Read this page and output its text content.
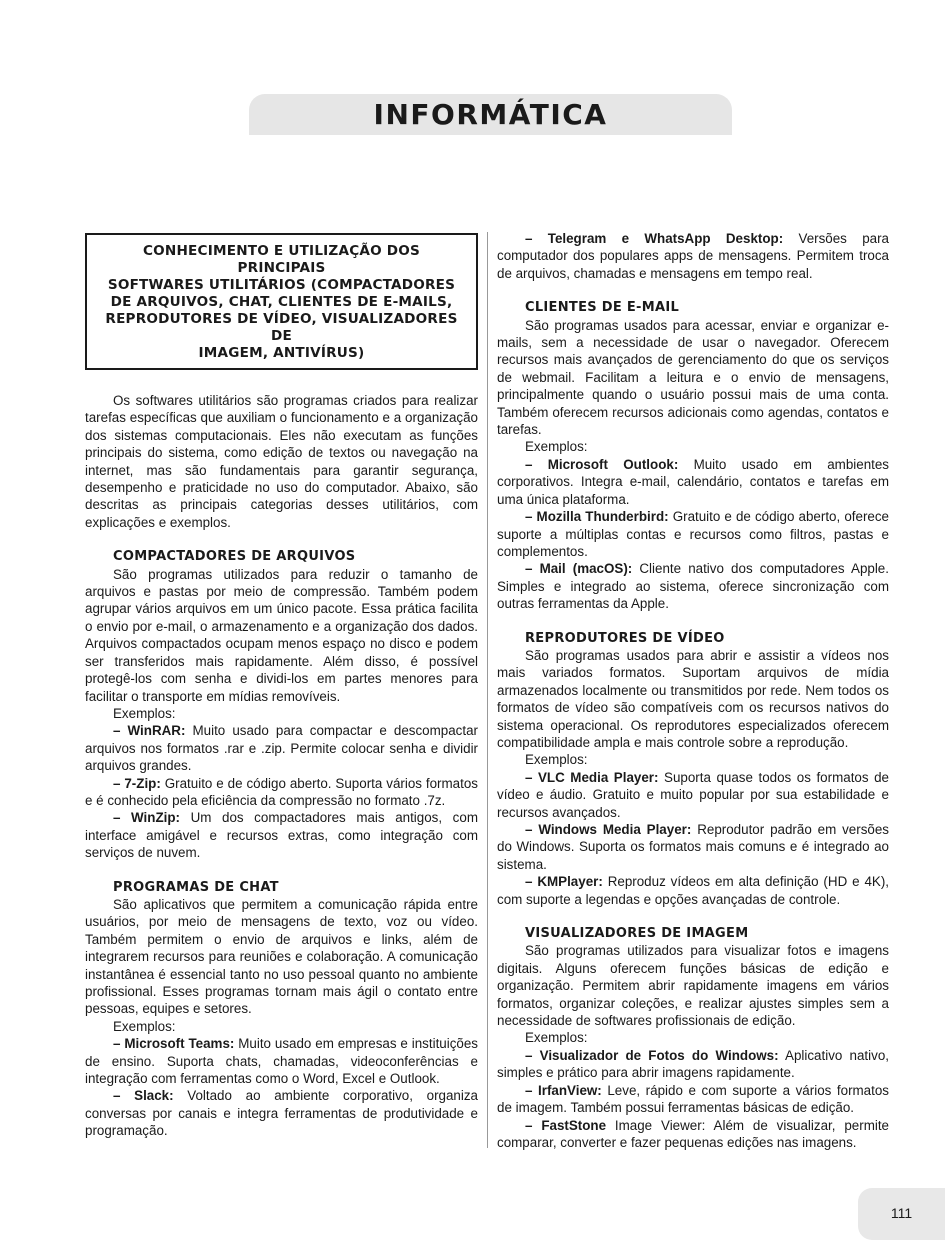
INFORMÁTICA
CONHECIMENTO E UTILIZAÇÃO DOS PRINCIPAIS
SOFTWARES UTILITÁRIOS (COMPACTADORES
DE ARQUIVOS, CHAT, CLIENTES DE E-MAILS,
REPRODUTORES DE VÍDEO, VISUALIZADORES DE
IMAGEM, ANTIVÍRUS)

Os softwares utilitários são programas criados para realizar tarefas específicas que auxiliam o funcionamento e a organização dos sistemas computacionais. Eles não executam as funções principais do sistema, como edição de textos ou navegação na internet, mas são fundamentais para garantir segurança, desempenho e praticidade no uso do computador. Abaixo, são descritas as principais categorias desses utilitários, com explicações e exemplos.

COMPACTADORES DE ARQUIVOS

São programas utilizados para reduzir o tamanho de arquivos e pastas por meio de compressão. Também podem agrupar vários arquivos em um único pacote. Essa prática facilita o envio por e-mail, o armazenamento e a organização dos dados. Arquivos compactados ocupam menos espaço no disco e podem ser transferidos mais rapidamente. Além disso, é possível protegê-los com senha e dividi-los em partes menores para facilitar o transporte em mídias removíveis.

Exemplos:

– WinRAR: Muito usado para compactar e descompactar arquivos nos formatos .rar e .zip. Permite colocar senha e dividir arquivos grandes.

– 7-Zip: Gratuito e de código aberto. Suporta vários formatos e é conhecido pela eficiência da compressão no formato .7z.

– WinZip: Um dos compactadores mais antigos, com interface amigável e recursos extras, como integração com serviços de nuvem.

PROGRAMAS DE CHAT

São aplicativos que permitem a comunicação rápida entre usuários, por meio de mensagens de texto, voz ou vídeo. Também permitem o envio de arquivos e links, além de integrarem recursos para reuniões e colaboração. A comunicação instantânea é essencial tanto no uso pessoal quanto no ambiente profissional. Esses programas tornam mais ágil o contato entre pessoas, equipes e setores.

Exemplos:

– Microsoft Teams: Muito usado em empresas e instituições de ensino. Suporta chats, chamadas, videoconferências e integração com ferramentas como o Word, Excel e Outlook.

– Slack: Voltado ao ambiente corporativo, organiza conversas por canais e integra ferramentas de produtividade e programação.

– Telegram e WhatsApp Desktop: Versões para computador dos populares apps de mensagens. Permitem troca de arquivos, chamadas e mensagens em tempo real.

CLIENTES DE E-MAIL

São programas usados para acessar, enviar e organizar e-mails, sem a necessidade de usar o navegador. Oferecem recursos mais avançados de gerenciamento do que os serviços de webmail. Facilitam a leitura e o envio de mensagens, principalmente quando o usuário possui mais de uma conta. Também oferecem recursos adicionais como agendas, contatos e tarefas.

Exemplos:

– Microsoft Outlook: Muito usado em ambientes corporativos. Integra e-mail, calendário, contatos e tarefas em uma única plataforma.

– Mozilla Thunderbird: Gratuito e de código aberto, oferece suporte a múltiplas contas e recursos como filtros, pastas e complementos.

– Mail (macOS): Cliente nativo dos computadores Apple. Simples e integrado ao sistema, oferece sincronização com outras ferramentas da Apple.

REPRODUTORES DE VÍDEO

São programas usados para abrir e assistir a vídeos nos mais variados formatos. Suportam arquivos de mídia armazenados localmente ou transmitidos por rede. Nem todos os formatos de vídeo são compatíveis com os recursos nativos do sistema operacional. Os reprodutores especializados oferecem compatibilidade ampla e mais controle sobre a reprodução.

Exemplos:

– VLC Media Player: Suporta quase todos os formatos de vídeo e áudio. Gratuito e muito popular por sua estabilidade e recursos avançados.

– Windows Media Player: Reprodutor padrão em versões do Windows. Suporta os formatos mais comuns e é integrado ao sistema.

– KMPlayer: Reproduz vídeos em alta definição (HD e 4K), com suporte a legendas e opções avançadas de controle.

VISUALIZADORES DE IMAGEM

São programas utilizados para visualizar fotos e imagens digitais. Alguns oferecem funções básicas de edição e organização. Permitem abrir rapidamente imagens em vários formatos, organizar coleções, e realizar ajustes simples sem a necessidade de softwares profissionais de edição.

Exemplos:

– Visualizador de Fotos do Windows: Aplicativo nativo, simples e prático para abrir imagens rapidamente.

– IrfanView: Leve, rápido e com suporte a vários formatos de imagem. Também possui ferramentas básicas de edição.

– FastStone Image Viewer: Além de visualizar, permite comparar, converter e fazer pequenas edições nas imagens.

111
